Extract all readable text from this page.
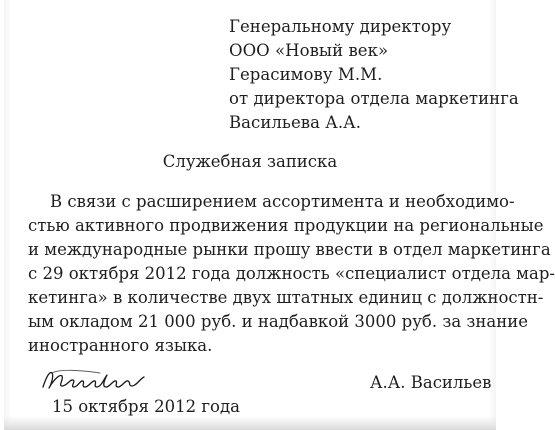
Генеральному директору
ООО «Новый век»
Герасимову М.М.
от директора отдела маркетинга
Васильева А.А.
Служебная записка
В связи с расширением ассортимента и необходимо-
стью активного продвижения продукции на региональные
и международные рынки прошу ввести в отдел маркетинга
с 29 октября 2012 года должность «специалист отдела мар-
кетинга» в количестве двух штатных единиц с должностн-
ым окладом 21 000 руб. и надбавкой 3000 руб. за знание
иностранного языка.
А.А. Васильев
15 октября 2012 года
